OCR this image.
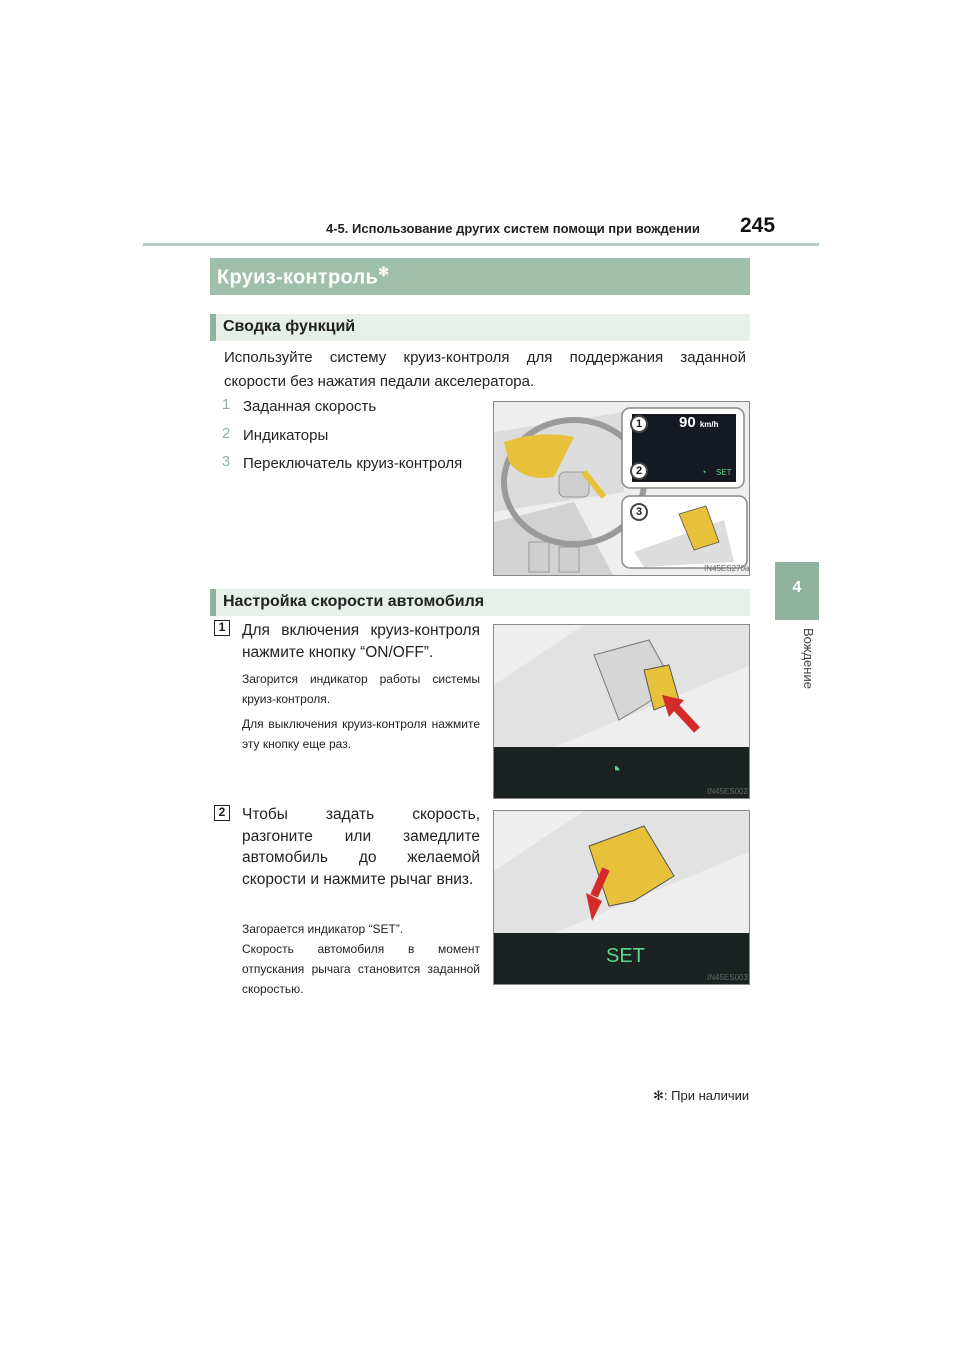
4-5. Использование других систем помощи при вождении 245
4
Вождение
Круиз-контроль✻
Сводка функций
Используйте систему круиз-контроля для поддержания заданной скорости без нажатия педали акселератора.
1 Заданная скорость
2 Индикаторы
3 Переключатель круиз-контроля
90 km/h
SET
◔
1
2
3
IN45ES270a
Настройка скорости автомобиля
1	Для включения круиз-контроля нажмите кнопку “ON/OFF”.
Загорится индикатор работы системы круиз-контроля.
Для выключения круиз-контроля нажмите эту кнопку еще раз.
◔
IN45ES002
2	Чтобы задать скорость, разгоните или замедлите автомобиль до желаемой скорости и нажмите рычаг вниз.
Загорается индикатор “SET”.
Скорость автомобиля в момент отпускания рычага становится заданной скоростью.
SET
IN45ES003
✻: При наличии
